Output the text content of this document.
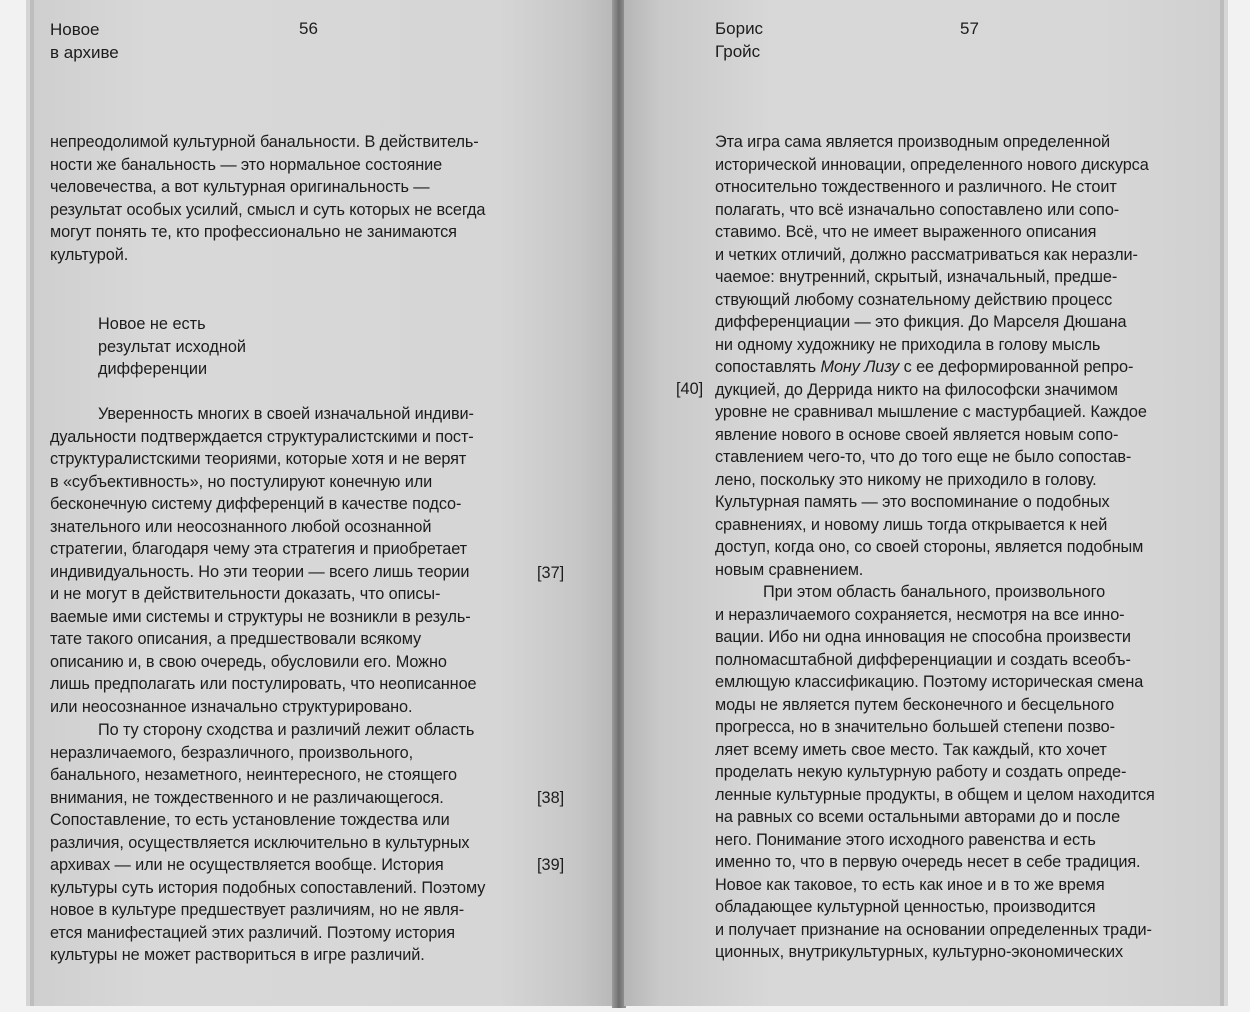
Новое
в архиве
56

непреодолимой культурной банальности. В действитель-
ности же банальность — это нормальное состояние
человечества, а вот культурная оригинальность —
результат особых усилий, смысл и суть которых не всегда
могут понять те, кто профессионально не занимаются
культурой.

Новое не есть
результат исходной
дифференции

Уверенность многих в своей изначальной индиви-
дуальности подтверждается структуралистскими и пост-
структуралистскими теориями, которые хотя и не верят
в «субъективность», но постулируют конечную или
бесконечную систему дифференций в качестве подсо-
знательного или неосознанного любой осознанной
стратегии, благодаря чему эта стратегия и приобретает
индивидуальность. Но эти теории — всего лишь теории
и не могут в действительности доказать, что описы-
ваемые ими системы и структуры не возникли в резуль-
тате такого описания, а предшествовали всякому
описанию и, в свою очередь, обусловили его. Можно
лишь предполагать или постулировать, что неописанное
или неосознанное изначально структурировано.

По ту сторону сходства и различий лежит область
неразличаемого, безразличного, произвольного,
банального, незаметного, неинтересного, не стоящего
внимания, не тождественного и не различающегося.
Сопоставление, то есть установление тождества или
различия, осуществляется исключительно в культурных
архивах — или не осуществляется вообще. История
культуры суть история подобных сопоставлений. Поэтому
новое в культуре предшествует различиям, но не явля-
ется манифестацией этих различий. Поэтому история
культуры не может раствориться в игре различий.

[37]
[38]
[39]
Борис
Гройс
57

Эта игра сама является производным определенной
исторической инновации, определенного нового дискурса
относительно тождественного и различного. Не стоит
полагать, что всё изначально сопоставлено или сопо-
ставимо. Всё, что не имеет выраженного описания
и четких отличий, должно рассматриваться как неразли-
чаемое: внутренний, скрытый, изначальный, предше-
ствующий любому сознательному действию процесс
дифференциации — это фикция. До Марселя Дюшана
ни одному художнику не приходила в голову мысль
сопоставлять Мону Лизу с ее деформированной репро-
дукцией, до Деррида никто на философски значимом
уровне не сравнивал мышление с мастурбацией. Каждое
явление нового в основе своей является новым сопо-
ставлением чего-то, что до того еще не было сопостав-
лено, поскольку это никому не приходило в голову.
Культурная память — это воспоминание о подобных
сравнениях, и новому лишь тогда открывается к ней
доступ, когда оно, со своей стороны, является подобным
новым сравнением.

При этом область банального, произвольного
и неразличаемого сохраняется, несмотря на все инно-
вации. Ибо ни одна инновация не способна произвести
полномасштабной дифференциации и создать всеобъ-
емлющую классификацию. Поэтому историческая смена
моды не является путем бесконечного и бесцельного
прогресса, но в значительно большей степени позво-
ляет всему иметь свое место. Так каждый, кто хочет
проделать некую культурную работу и создать опреде-
ленные культурные продукты, в общем и целом находится
на равных со всеми остальными авторами до и после
него. Понимание этого исходного равенства и есть
именно то, что в первую очередь несет в себе традиция.
Новое как таковое, то есть как иное и в то же время
обладающее культурной ценностью, производится
и получает признание на основании определенных тради-
ционных, внутрикультурных, культурно-экономических

[40]
